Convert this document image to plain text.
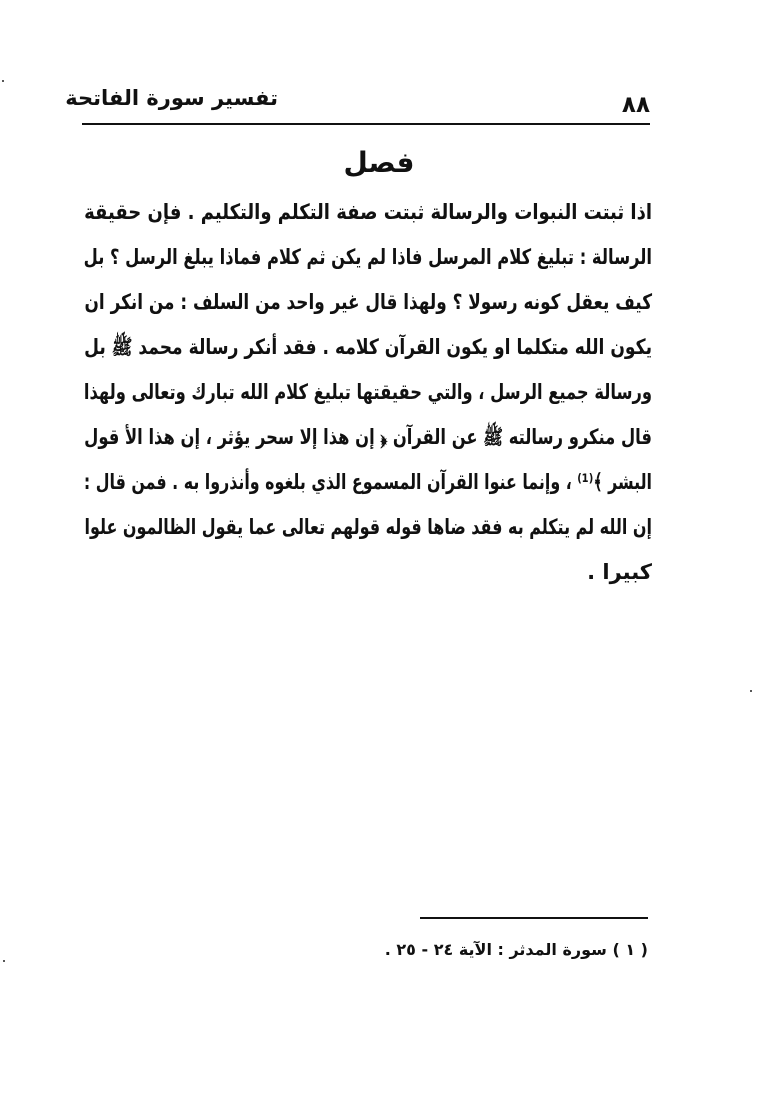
تفسير سورة الفاتحة	٨٨
فصل
اذا ثبتت النبوات والرسالة ثبتت صفة التكلم والتكليم . فإن حقيقة
الرسالة : تبليغ كلام المرسل فاذا لم يكن ثم كلام فماذا يبلغ الرسل ؟ بل
كيف يعقل كونه رسولا ؟ ولهذا قال غير واحد من السلف : من انكر ان
يكون الله متكلما او يكون القرآن كلامه . فقد أنكر رسالة محمد ﷺ بل
ورسالة جميع الرسل ، والتي حقيقتها تبليغ كلام الله تبارك وتعالى ولهذا
قال منكرو رسالته ﷺ عن القرآن ﴿ إن هذا إلا سحر يؤثر ، إن هذا الأ قول
البشر ﴾⁽¹⁾ ، وإنما عنوا القرآن المسموع الذي بلغوه وأنذروا به . فمن قال :
إن الله لم يتكلم به فقد ضاها قوله قولهم تعالى عما يقول الظالمون علوا
كبيرا .
( ١ ) سورة المدثر : الآية ٢٤ - ٢٥ .
